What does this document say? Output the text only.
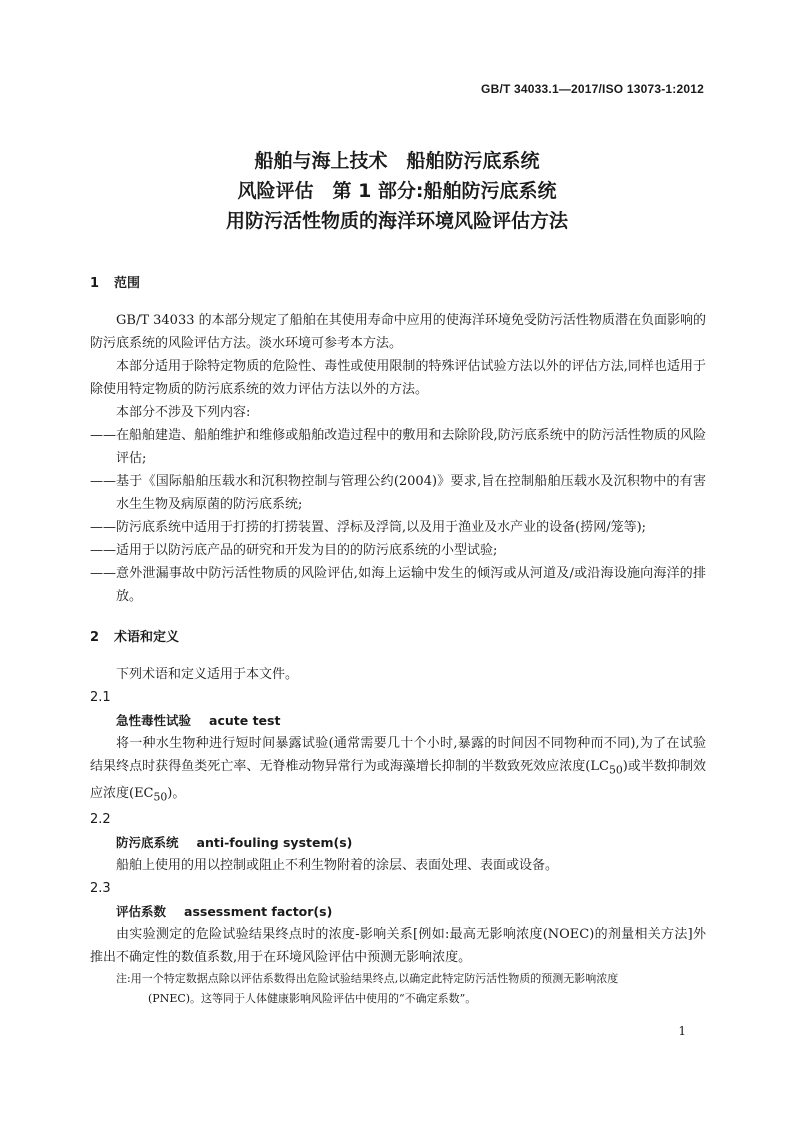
GB/T 34033.1—2017/ISO 13073-1:2012
船舶与海上技术　船舶防污底系统
风险评估　第 1 部分:船舶防污底系统
用防污活性物质的海洋环境风险评估方法
1 范围

GB/T 34033 的本部分规定了船舶在其使用寿命中应用的使海洋环境免受防污活性物质潜在负面影响的防污底系统的风险评估方法。淡水环境可参考本方法。

本部分适用于除特定物质的危险性、毒性或使用限制的特殊评估试验方法以外的评估方法,同样也适用于除使用特定物质的防污底系统的效力评估方法以外的方法。

本部分不涉及下列内容:

—— 在船舶建造、船舶维护和维修或船舶改造过程中的敷用和去除阶段,防污底系统中的防污活性物质的风险评估;

—— 基于《国际船舶压载水和沉积物控制与管理公约(2004)》要求,旨在控制船舶压载水及沉积物中的有害水生生物及病原菌的防污底系统;

—— 防污底系统中适用于打捞的打捞装置、浮标及浮筒,以及用于渔业及水产业的设备(捞网/笼等);

—— 适用于以防污底产品的研究和开发为目的的防污底系统的小型试验;

—— 意外泄漏事故中防污活性物质的风险评估,如海上运输中发生的倾泻或从河道及/或沿海设施向海洋的排放。

2 术语和定义

下列术语和定义适用于本文件。

2.1

急性毒性试验 acute test

将一种水生物种进行短时间暴露试验(通常需要几十个小时,暴露的时间因不同物种而不同),为了在试验结果终点时获得鱼类死亡率、无脊椎动物异常行为或海藻增长抑制的半数致死效应浓度$(LC_{50})$或半数抑制效应浓度$(EC_{50})$。

2.2

防污底系统 anti-fouling system(s)

船舶上使用的用以控制或阻止不利生物附着的涂层、表面处理、表面或设备。

2.3

评估系数 assessment factor(s)

由实验测定的危险试验结果终点时的浓度-影响关系[例如:最高无影响浓度(NOEC)的剂量相关方法]外推出不确定性的数值系数,用于在环境风险评估中预测无影响浓度。

注:用一个特定数据点除以评估系数得出危险试验结果终点,以确定此特定防污活性物质的预测无影响浓度
(PNEC)。这等同于人体健康影响风险评估中使用的“不确定系数”。

1
